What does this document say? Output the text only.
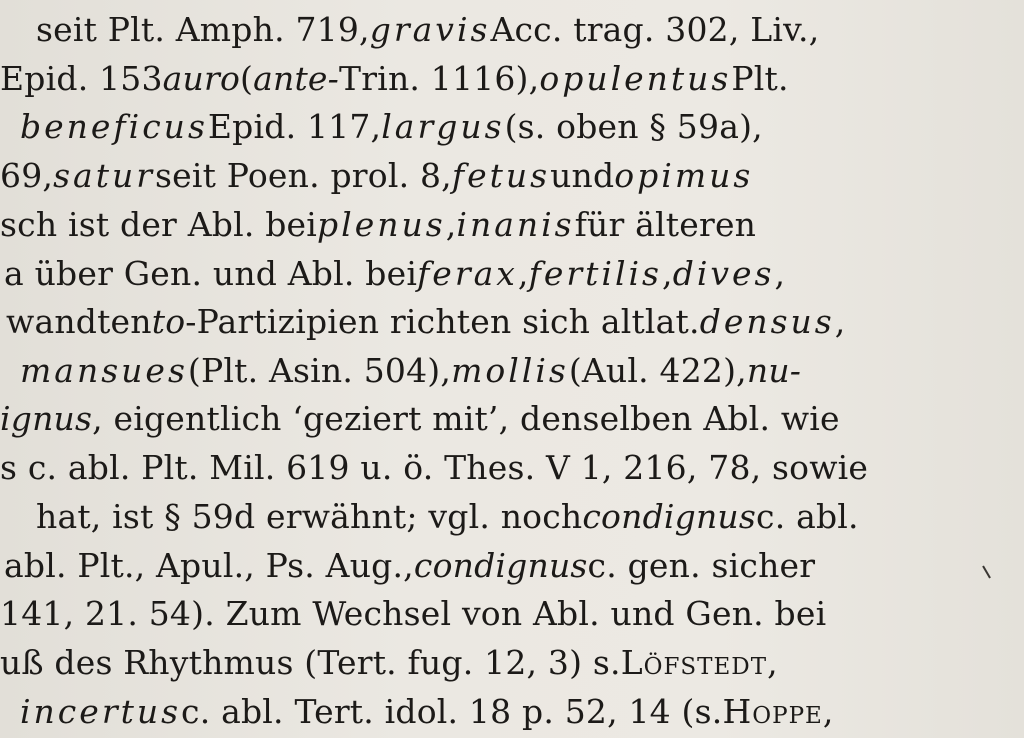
seit Plt. Amph. 719,gravisAcc. trag. 302, Liv.,
Epid. 153auro(ante-Trin. 1116),opulentusPlt.
beneficusEpid. 117,largus(s. oben § 59a),
69,saturseit Poen. prol. 8,fetusundopimus
sch ist der Abl. beiplenus,inanisfür älteren
a über Gen. und Abl. beiferax,fertilis,dives,
wandtento-Partizipien richten sich altlat.densus,
mansues(Plt. Asin. 504),mollis(Aul. 422),nu-
ignus, eigentlich ‘geziert mit’, denselben Abl. wie
s c. abl. Plt. Mil. 619 u. ö. Thes. V 1, 216, 78, sowie
hat, ist § 59d erwähnt; vgl. nochcondignusc. abl.
abl. Plt., Apul., Ps. Aug.,condignusc. gen. sicher
141, 21. 54). Zum Wechsel von Abl. und Gen. bei
uß des Rhythmus (Tert. fug. 12, 3) s.Löfstedt,
incertusc. abl. Tert. idol. 18 p. 52, 14 (s.Hoppe,
